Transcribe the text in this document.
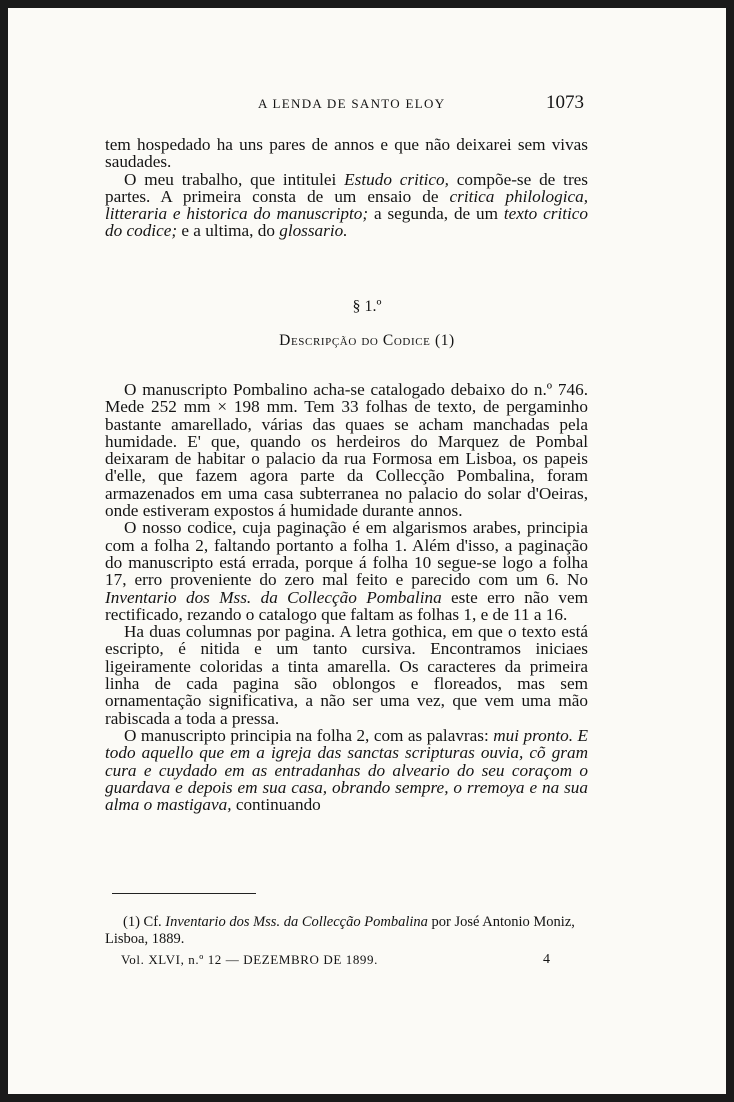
A LENDA DE SANTO ELOY	1073

tem hospedado ha uns pares de annos e que não deixarei sem vivas saudades.

O meu trabalho, que intitulei Estudo critico, compõe-se de tres partes. A primeira consta de um ensaio de critica philologica, litteraria e historica do manuscripto; a segunda, de um texto critico do codice; e a ultima, do glossario.

§ 1.º
Descripção do Codice (1)

O manuscripto Pombalino acha-se catalogado debaixo do n.º 746. Mede 252 mm × 198 mm. Tem 33 folhas de texto, de pergaminho bastante amarellado, várias das quaes se acham manchadas pela humidade. E' que, quando os herdeiros do Marquez de Pombal deixaram de habitar o palacio da rua Formosa em Lisboa, os papeis d'elle, que fazem agora parte da Collecção Pombalina, foram armazenados em uma casa subterranea no palacio do solar d'Oeiras, onde estiveram expostos á humidade durante annos.

O nosso codice, cuja paginação é em algarismos arabes, principia com a folha 2, faltando portanto a folha 1. Além d'isso, a paginação do manuscripto está errada, porque á folha 10 segue-se logo a folha 17, erro proveniente do zero mal feito e parecido com um 6. No Inventario dos Mss. da Collecção Pombalina este erro não vem rectificado, rezando o catalogo que faltam as folhas 1, e de 11 a 16.

Ha duas columnas por pagina. A letra gothica, em que o texto está escripto, é nitida e um tanto cursiva. Encontramos iniciaes ligeiramente coloridas a tinta amarella. Os caracteres da primeira linha de cada pagina são oblongos e floreados, mas sem ornamentação significativa, a não ser uma vez, que vem uma mão rabiscada a toda a pressa.

O manuscripto principia na folha 2, com as palavras: mui pronto. E todo aquello que em a igreja das sanctas scripturas ouvia, cõ gram cura e cuydado em as entradanhas do alveario do seu coraçom o guardava e depois em sua casa, obrando sempre, o rremoya e na sua alma o mastigava, continuando

(1) Cf. Inventario dos Mss. da Collecção Pombalina por José Antonio Moniz, Lisboa, 1889.
Vol. XLVI, n.º 12 — DEZEMBRO DE 1899.	4
